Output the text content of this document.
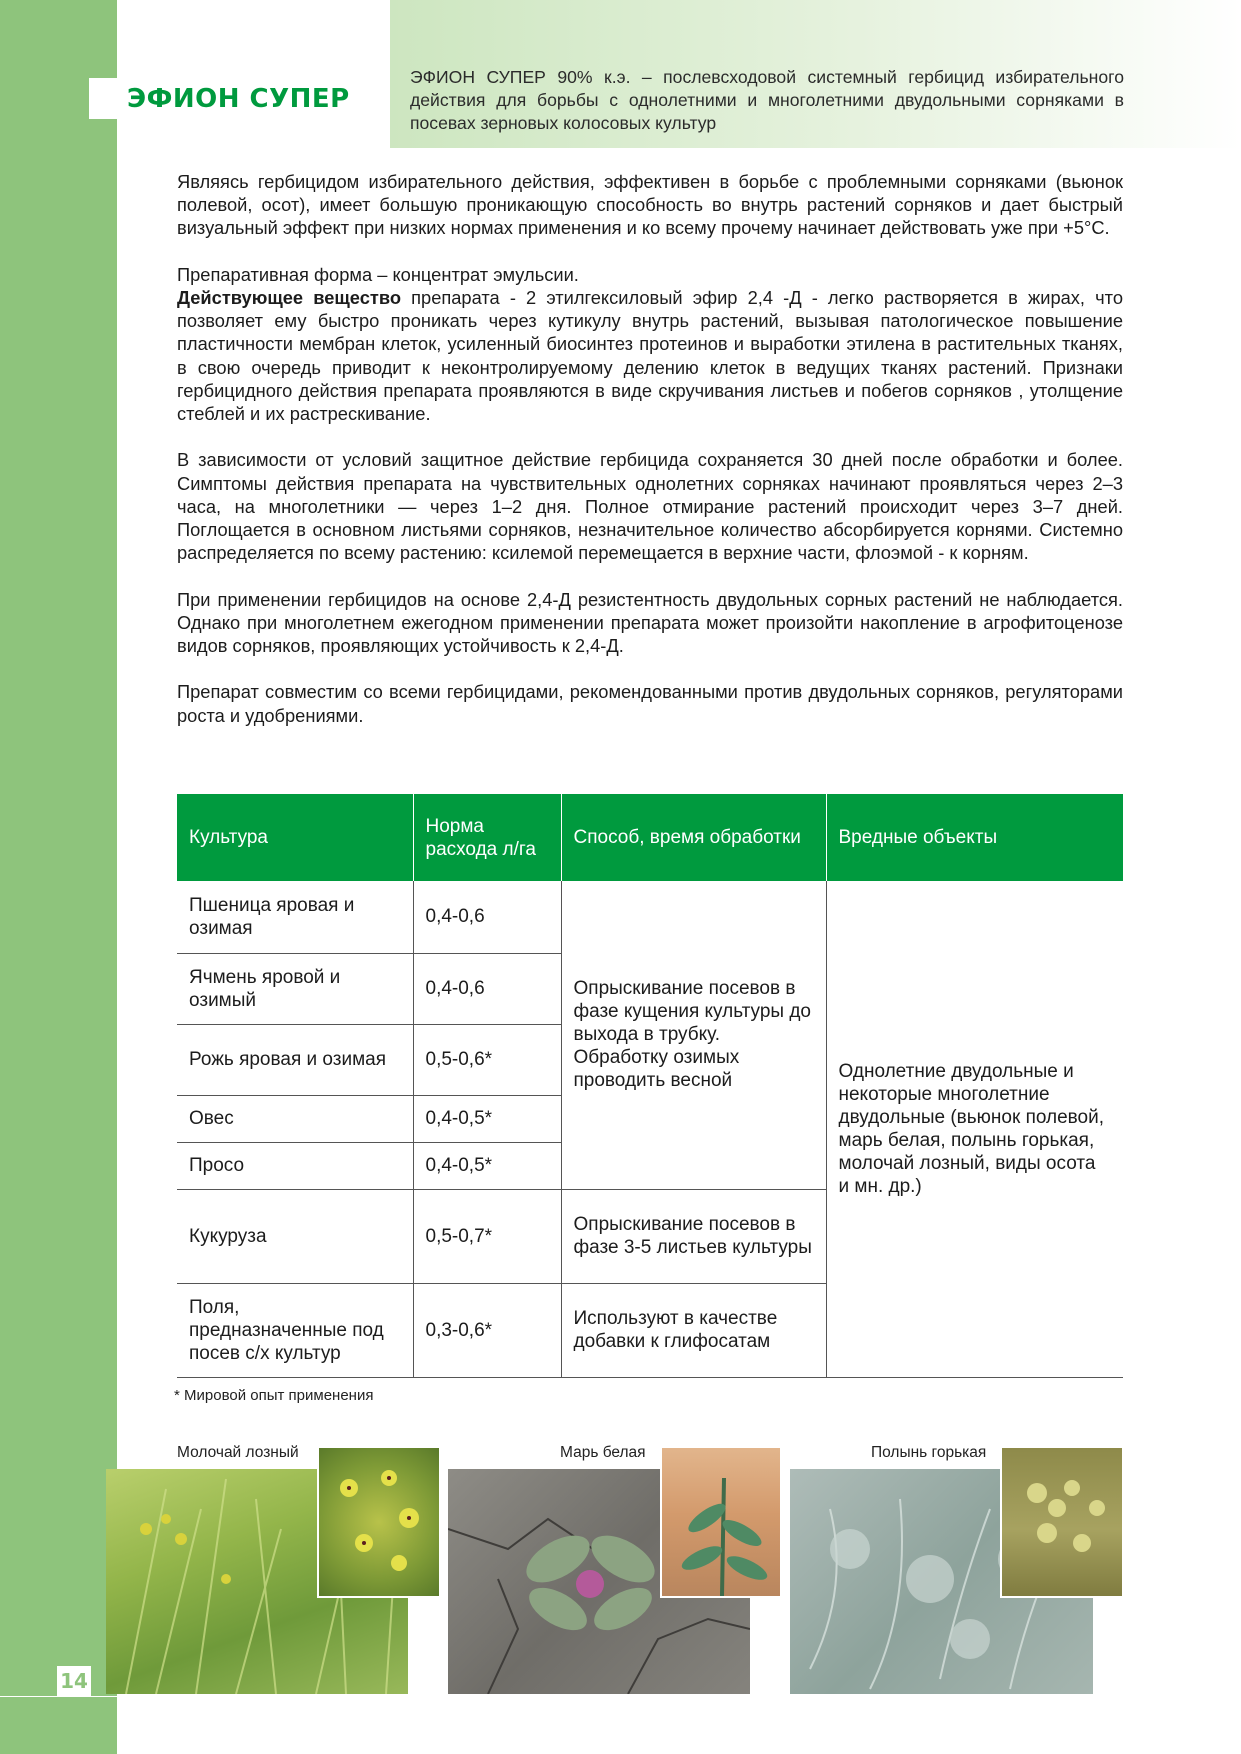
ЭФИОН СУПЕР
ЭФИОН СУПЕР 90% к.э. – послевсходовой системный гербицид избирательного действия для борьбы с однолетними и многолетними двудольными сорняками в посевах зерновых колосовых культур

Являясь гербицидом избирательного действия, эффективен в борьбе с проблемными сорняками (вьюнок полевой, осот), имеет большую проникающую способность во внутрь растений сорняков и дает быстрый визуальный эффект при низких нормах применения и ко всему прочему начинает действовать уже при +5°С.

Препаративная форма – концентрат эмульсии.

Действующее вещество препарата - 2 этилгексиловый эфир 2,4 -Д - легко растворяется в жирах, что позволяет ему быстро проникать через кутикулу внутрь растений, вызывая патологическое повышение пластичности мембран клеток, усиленный биосинтез протеинов и выработки этилена в растительных тканях, в свою очередь приводит к неконтролируемому делению клеток в ведущих тканях растений. Признаки гербицидного действия препарата проявляются в виде скручивания листьев и побегов сорняков , утолщение стеблей и их растрескивание.

В зависимости от условий защитное действие гербицида сохраняется 30 дней после обработки и более. Симптомы действия препарата на чувствительных однолетних сорняках начинают проявляться через 2–3 часа, на многолетники — через 1–2 дня. Полное отмирание растений происходит через 3–7 дней. Поглощается в основном листьями сорняков, незначительное количество абсорбируется корнями. Системно распределяется по всему растению: ксилемой перемещается в верхние части, флоэмой - к корням.

При применении гербицидов на основе 2,4-Д резистентность двудольных сорных растений не наблюдается. Однако при многолетнем ежегодном применении препарата может произойти накопление в агрофитоценозе видов сорняков, проявляющих устойчивость к 2,4-Д.

Препарат совместим со всеми гербицидами, рекомендованными против двудольных сорняков, регуляторами роста и удобрениями.

Культура	Норма расхода л/га	Способ, время обработки	Вредные объекты
Пшеница яровая и озимая	0,4-0,6	Опрыскивание посевов в фазе кущения культуры до выхода в трубку. Обработку озимых проводить весной	Однолетние двудольные и некоторые многолетние двудольные (вьюнок полевой, марь белая, полынь горькая, молочай лозный, виды осота и мн. др.)
Ячмень яровой и озимый	0,4-0,6		
Рожь яровая и озимая	0,5-0,6*		
Овес	0,4-0,5*		
Просо	0,4-0,5*		
Кукуруза	0,5-0,7*	Опрыскивание посевов в фазе 3-5 листьев культуры	
Поля, предназначенные под посев с/х культур	0,3-0,6*	Используют в качестве добавки к глифосатам	
* Мировой опыт применения
Молочай лозный	Марь белая	Полынь горькая
14
